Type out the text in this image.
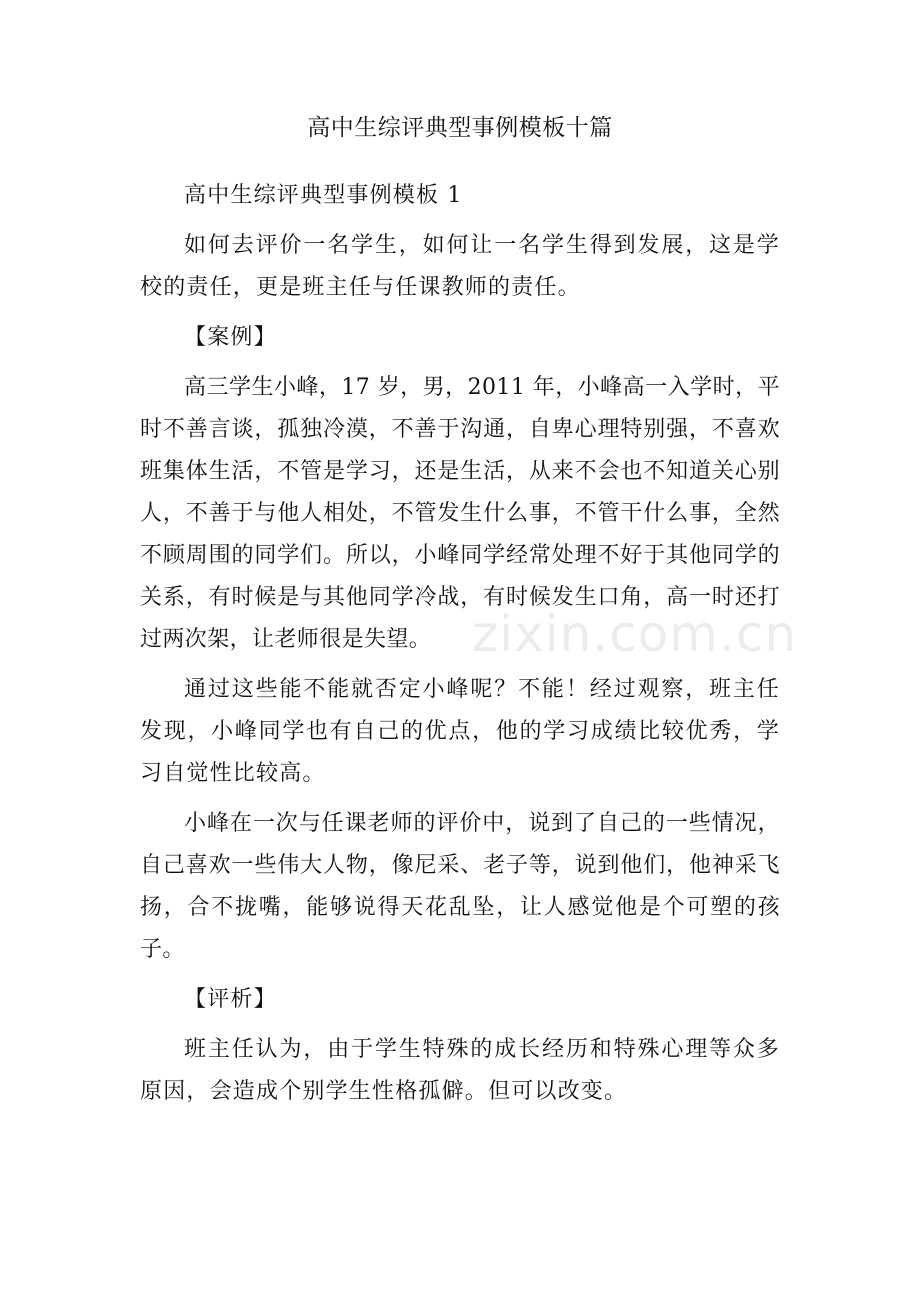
高中生综评典型事例模板十篇

高中生综评典型事例模板 1

如何去评价一名学生，如何让一名学生得到发展，这是学校的责任，更是班主任与任课教师的责任。

【案例】

高三学生小峰，17 岁，男，2011 年，小峰高一入学时，平时不善言谈，孤独冷漠，不善于沟通，自卑心理特别强，不喜欢班集体生活，不管是学习，还是生活，从来不会也不知道关心别人，不善于与他人相处，不管发生什么事，不管干什么事，全然不顾周围的同学们。所以，小峰同学经常处理不好于其他同学的关系，有时候是与其他同学冷战，有时候发生口角，高一时还打过两次架，让老师很是失望。

通过这些能不能就否定小峰呢？不能！经过观察，班主任发现，小峰同学也有自己的优点，他的学习成绩比较优秀，学习自觉性比较高。

小峰在一次与任课老师的评价中，说到了自己的一些情况，自己喜欢一些伟大人物，像尼采、老子等，说到他们，他神采飞扬，合不拢嘴，能够说得天花乱坠，让人感觉他是个可塑的孩子。

【评析】

班主任认为，由于学生特殊的成长经历和特殊心理等众多原因，会造成个别学生性格孤僻。但可以改变。

zixin.com.cn
